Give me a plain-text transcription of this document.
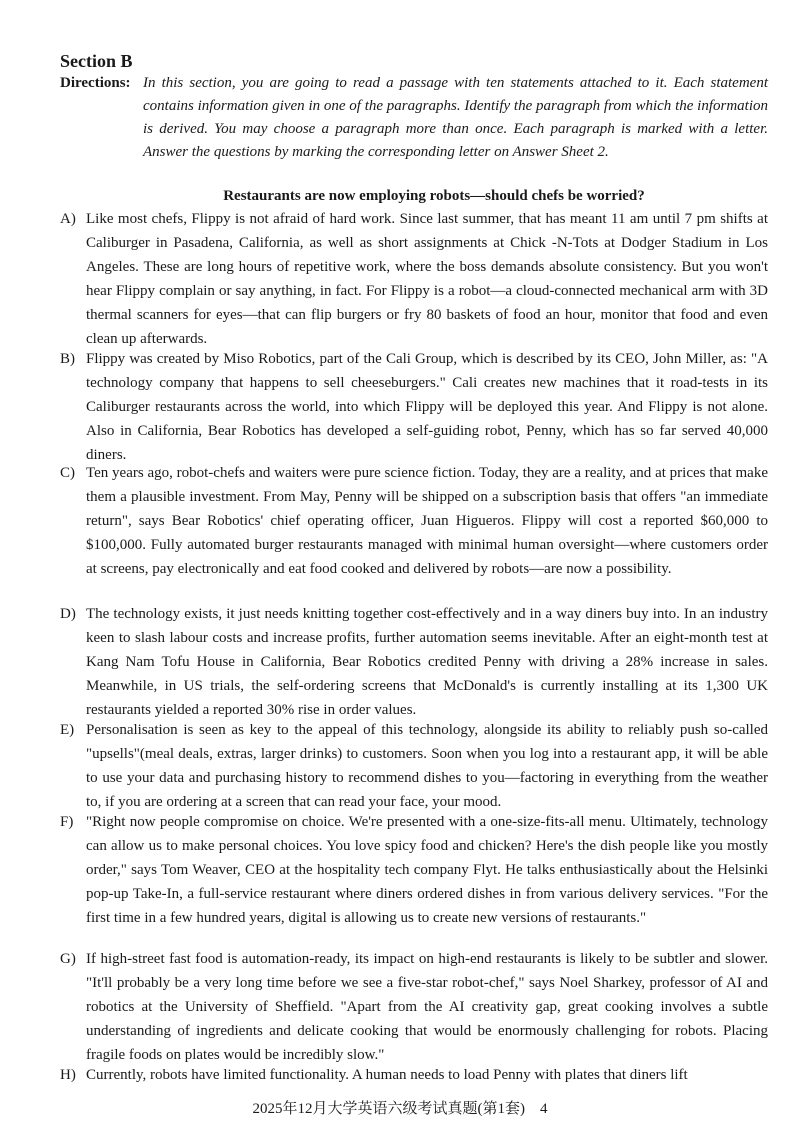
Section B
Directions: In this section, you are going to read a passage with ten statements attached to it. Each statement contains information given in one of the paragraphs. Identify the paragraph from which the information is derived. You may choose a paragraph more than once. Each paragraph is marked with a letter. Answer the questions by marking the corresponding letter on Answer Sheet 2.
Restaurants are now employing robots—should chefs be worried?
A) Like most chefs, Flippy is not afraid of hard work. Since last summer, that has meant 11 am until 7 pm shifts at Caliburger in Pasadena, California, as well as short assignments at Chick -N-Tots at Dodger Stadium in Los Angeles. These are long hours of repetitive work, where the boss demands absolute consistency. But you won't hear Flippy complain or say anything, in fact. For Flippy is a robot—a cloud-connected mechanical arm with 3D thermal scanners for eyes—that can flip burgers or fry 80 baskets of food an hour, monitor that food and even clean up afterwards.
B) Flippy was created by Miso Robotics, part of the Cali Group, which is described by its CEO, John Miller, as: "A technology company that happens to sell cheeseburgers." Cali creates new machines that it road-tests in its Caliburger restaurants across the world, into which Flippy will be deployed this year. And Flippy is not alone. Also in California, Bear Robotics has developed a self-guiding robot, Penny, which has so far served 40,000 diners.
C) Ten years ago, robot-chefs and waiters were pure science fiction. Today, they are a reality, and at prices that make them a plausible investment. From May, Penny will be shipped on a subscription basis that offers "an immediate return", says Bear Robotics' chief operating officer, Juan Higueros. Flippy will cost a reported $60,000 to $100,000. Fully automated burger restaurants managed with minimal human oversight—where customers order at screens, pay electronically and eat food cooked and delivered by robots—are now a possibility.
D) The technology exists, it just needs knitting together cost-effectively and in a way diners buy into. In an industry keen to slash labour costs and increase profits, further automation seems inevitable. After an eight-month test at Kang Nam Tofu House in California, Bear Robotics credited Penny with driving a 28% increase in sales. Meanwhile, in US trials, the self-ordering screens that McDonald's is currently installing at its 1,300 UK restaurants yielded a reported 30% rise in order values.
E) Personalisation is seen as key to the appeal of this technology, alongside its ability to reliably push so-called "upsells"(meal deals, extras, larger drinks) to customers. Soon when you log into a restaurant app, it will be able to use your data and purchasing history to recommend dishes to you—factoring in everything from the weather to, if you are ordering at a screen that can read your face, your mood.
F) "Right now people compromise on choice. We're presented with a one-size-fits-all menu. Ultimately, technology can allow us to make personal choices. You love spicy food and chicken? Here's the dish people like you mostly order," says Tom Weaver, CEO at the hospitality tech company Flyt. He talks enthusiastically about the Helsinki pop-up Take-In, a full-service restaurant where diners ordered dishes in from various delivery services. "For the first time in a few hundred years, digital is allowing us to create new versions of restaurants."
G) If high-street fast food is automation-ready, its impact on high-end restaurants is likely to be subtler and slower. "It'll probably be a very long time before we see a five-star robot-chef," says Noel Sharkey, professor of AI and robotics at the University of Sheffield. "Apart from the AI creativity gap, great cooking involves a subtle understanding of ingredients and delicate cooking that would be enormously challenging for robots. Placing fragile foods on plates would be incredibly slow."
H) Currently, robots have limited functionality. A human needs to load Penny with plates that diners lift
2025年12月大学英语六级考试真题(第1套)　4
